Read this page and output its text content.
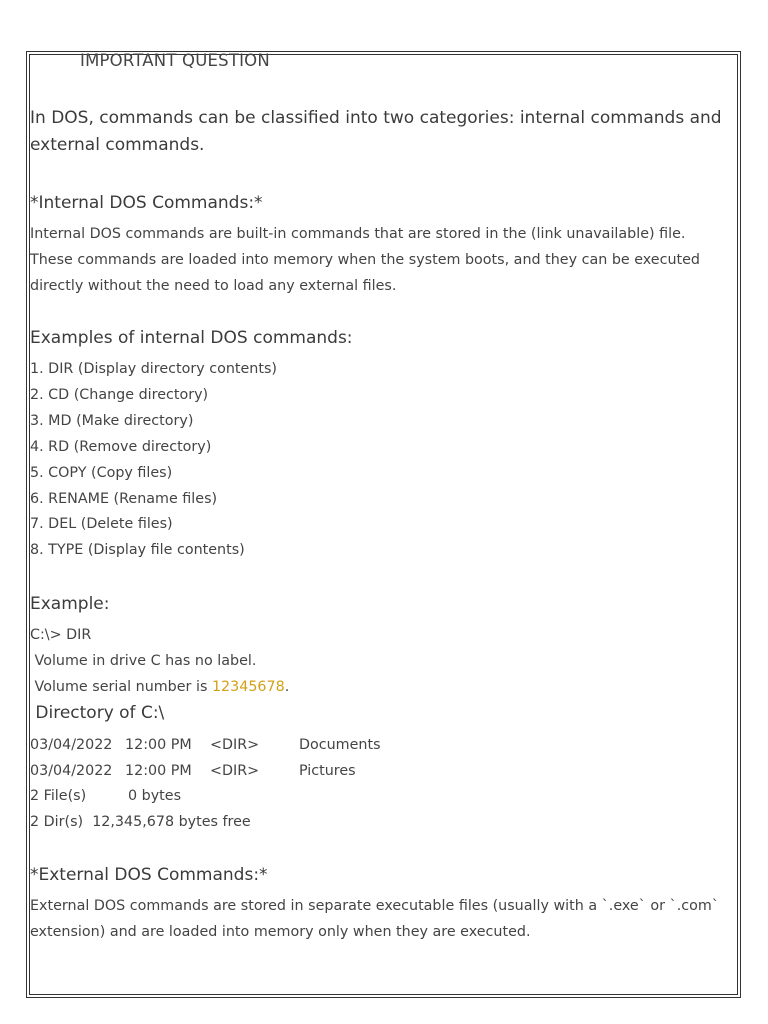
IMPORTANT QUESTION
In DOS, commands can be classified into two categories: internal commands and
external commands.
*Internal DOS Commands:*
Internal DOS commands are built-in commands that are stored in the (link unavailable) file.
These commands are loaded into memory when the system boots, and they can be executed
directly without the need to load any external files.
Examples of internal DOS commands:
1. DIR (Display directory contents)
2. CD (Change directory)
3. MD (Make directory)
4. RD (Remove directory)
5. COPY (Copy files)
6. RENAME (Rename files)
7. DEL (Delete files)
8. TYPE (Display file contents)
Example:
C:\> DIR
Volume in drive C has no label.
Volume serial number is 12345678.
Directory of C:\
03/04/2022 12:00 PM <DIR>	Documents
03/04/2022 12:00 PM <DIR>	Pictures
2 File(s)	0 bytes
2 Dir(s)  12,345,678 bytes free
*External DOS Commands:*
External DOS commands are stored in separate executable files (usually with a `.exe` or `.com`
extension) and are loaded into memory only when they are executed.
